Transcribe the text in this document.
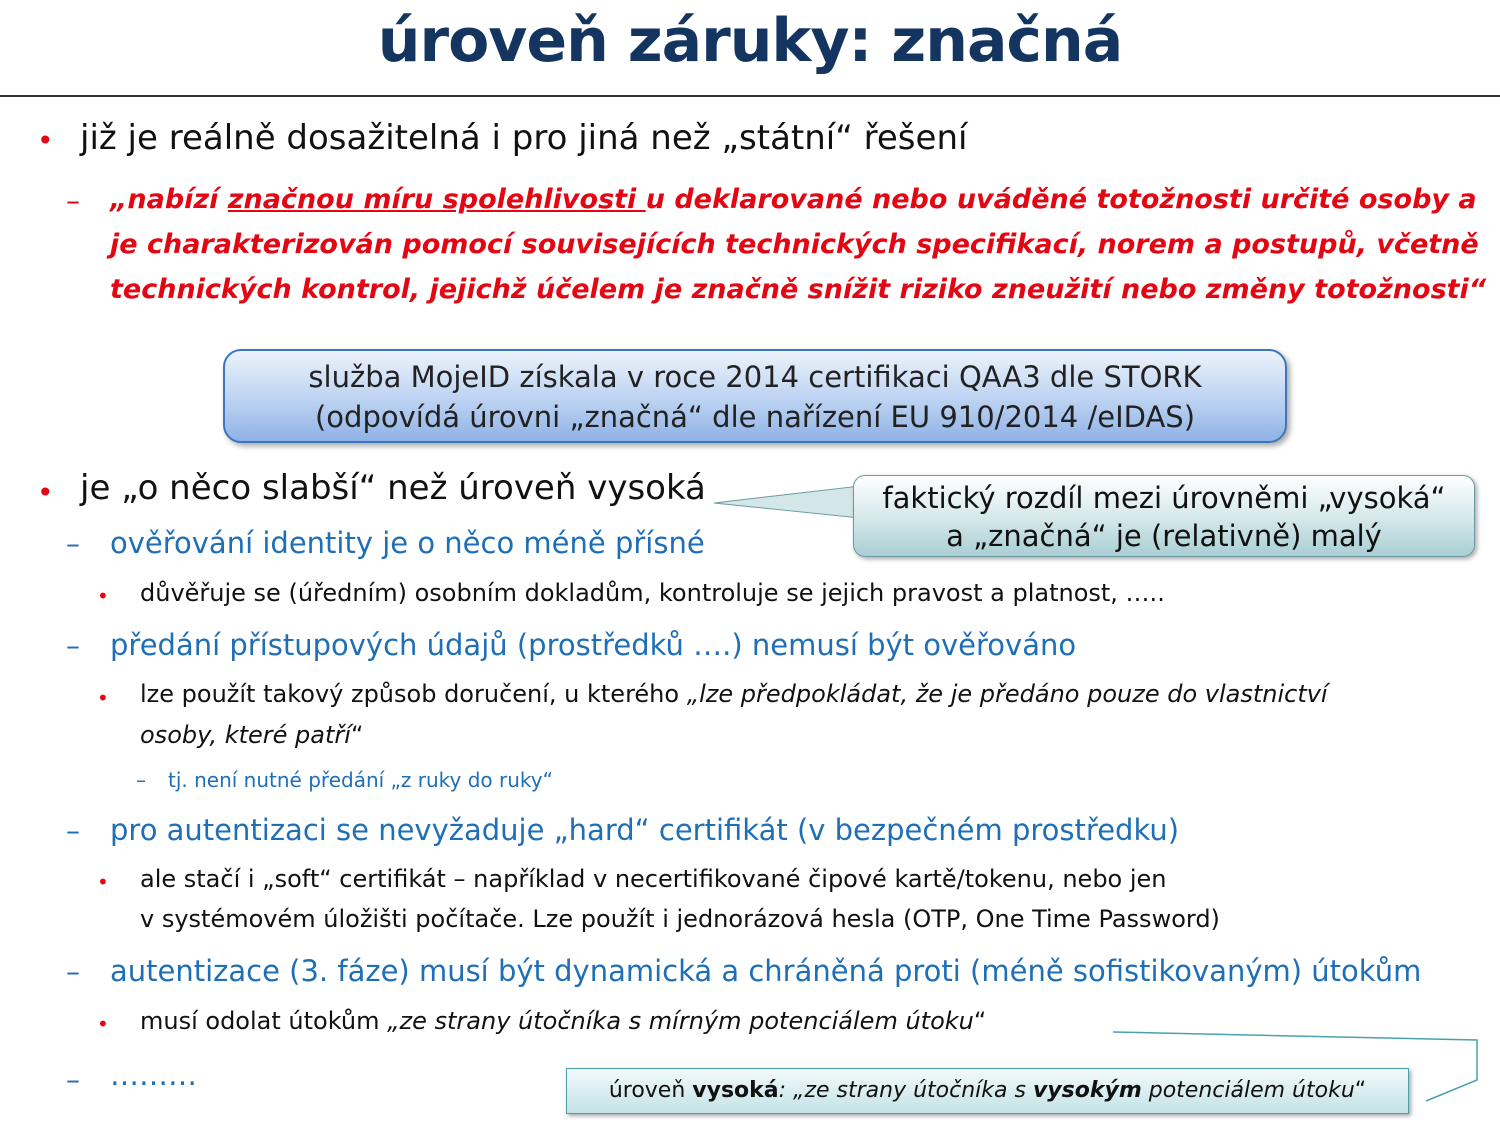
úroveň záruky: značná
• již je reálně dosažitelná i pro jiná než „státní“ řešení
– „nabízí značnou míru spolehlivosti u deklarované nebo uváděné totožnosti určité osoby a
je charakterizován pomocí souvisejících technických specifikací, norem a postupů, včetně
technických kontrol, jejichž účelem je značně snížit riziko zneužití nebo změny totožnosti“
služba MojeID získala v roce 2014 certifikaci QAA3 dle STORK
(odpovídá úrovni „značná“ dle nařízení EU 910/2014 /eIDAS)
• je „o něco slabší“ než úroveň vysoká	faktický rozdíl mezi úrovněmi „vysoká“
a „značná“ je (relativně) malý
– ověřování identity je o něco méně přísné
• důvěřuje se (úředním) osobním dokladům, kontroluje se jejich pravost a platnost, …..
– předání přístupových údajů (prostředků ….) nemusí být ověřováno
• lze použít takový způsob doručení, u kterého „lze předpokládat, že je předáno pouze do vlastnictví
osoby, které patří“
– tj. není nutné předání „z ruky do ruky“
– pro autentizaci se nevyžaduje „hard“ certifikát (v bezpečném prostředku)
• ale stačí i „soft“ certifikát – například v necertifikované čipové kartě/tokenu, nebo jen
v systémovém úložišti počítače. Lze použít i jednorázová hesla (OTP, One Time Password)
– autentizace (3. fáze) musí být dynamická a chráněná proti (méně sofistikovaným) útokům
• musí odolat útokům „ze strany útočníka s mírným potenciálem útoku“
– ………	úroveň vysoká: „ze strany útočníka s vysokým potenciálem útoku“
